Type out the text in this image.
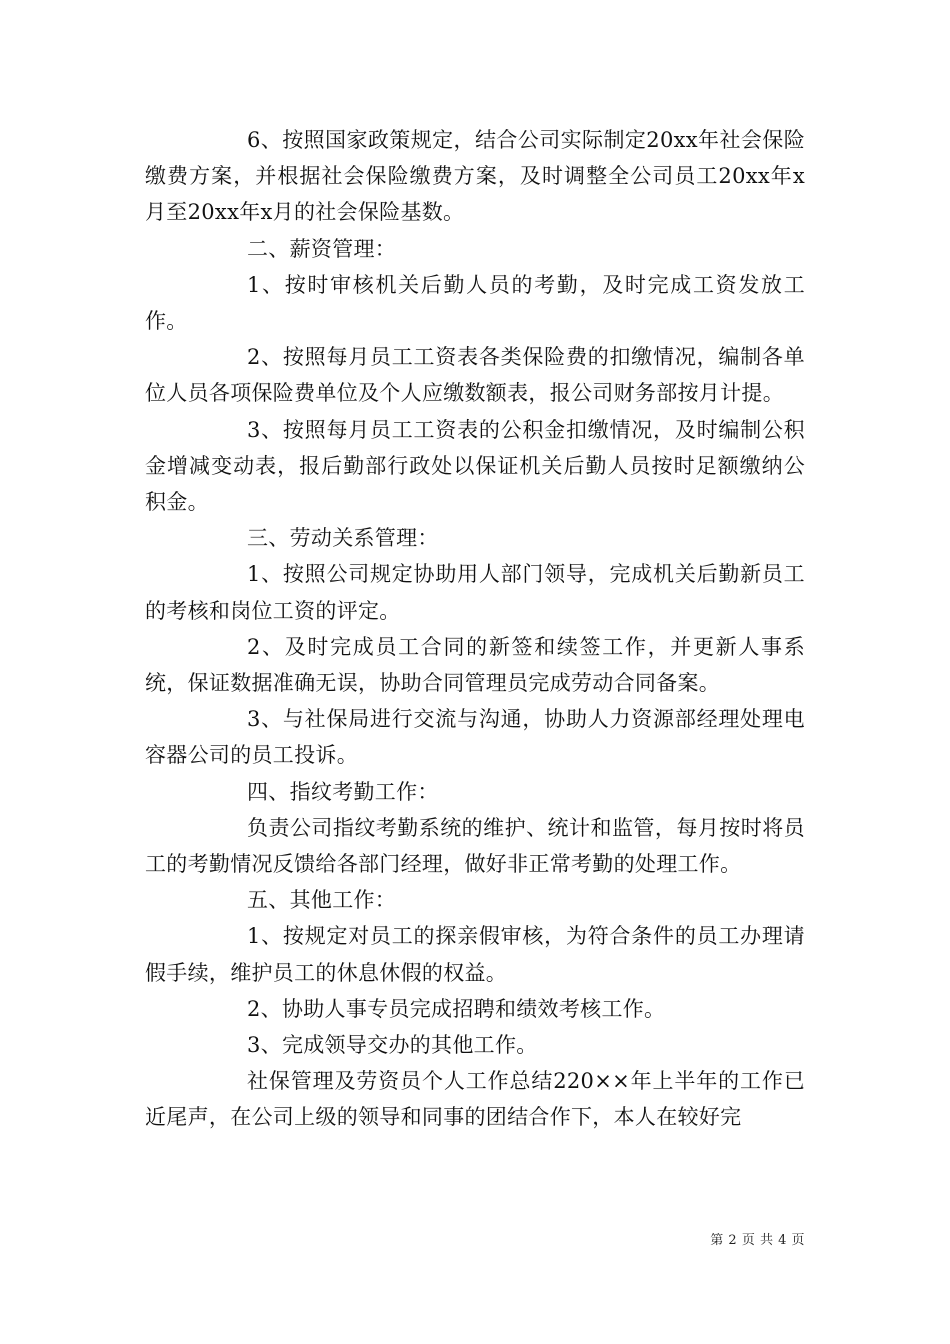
6、按照国家政策规定，结合公司实际制定20xx年社会保险缴费方案，并根据社会保险缴费方案，及时调整全公司员工20xx年x月至20xx年x月的社会保险基数。

二、薪资管理：

1、按时审核机关后勤人员的考勤，及时完成工资发放工作。

2、按照每月员工工资表各类保险费的扣缴情况，编制各单位人员各项保险费单位及个人应缴数额表，报公司财务部按月计提。

3、按照每月员工工资表的公积金扣缴情况，及时编制公积金增减变动表，报后勤部行政处以保证机关后勤人员按时足额缴纳公积金。

三、劳动关系管理：

1、按照公司规定协助用人部门领导，完成机关后勤新员工的考核和岗位工资的评定。

2、及时完成员工合同的新签和续签工作，并更新人事系统，保证数据准确无误，协助合同管理员完成劳动合同备案。

3、与社保局进行交流与沟通，协助人力资源部经理处理电容器公司的员工投诉。

四、指纹考勤工作：

负责公司指纹考勤系统的维护、统计和监管，每月按时将员工的考勤情况反馈给各部门经理，做好非正常考勤的处理工作。

五、其他工作：

1、按规定对员工的探亲假审核，为符合条件的员工办理请假手续，维护员工的休息休假的权益。

2、协助人事专员完成招聘和绩效考核工作。

3、完成领导交办的其他工作。

社保管理及劳资员个人工作总结220××年上半年的工作已近尾声，在公司上级的领导和同事的团结合作下，本人在较好完

第 2 页 共 4 页
